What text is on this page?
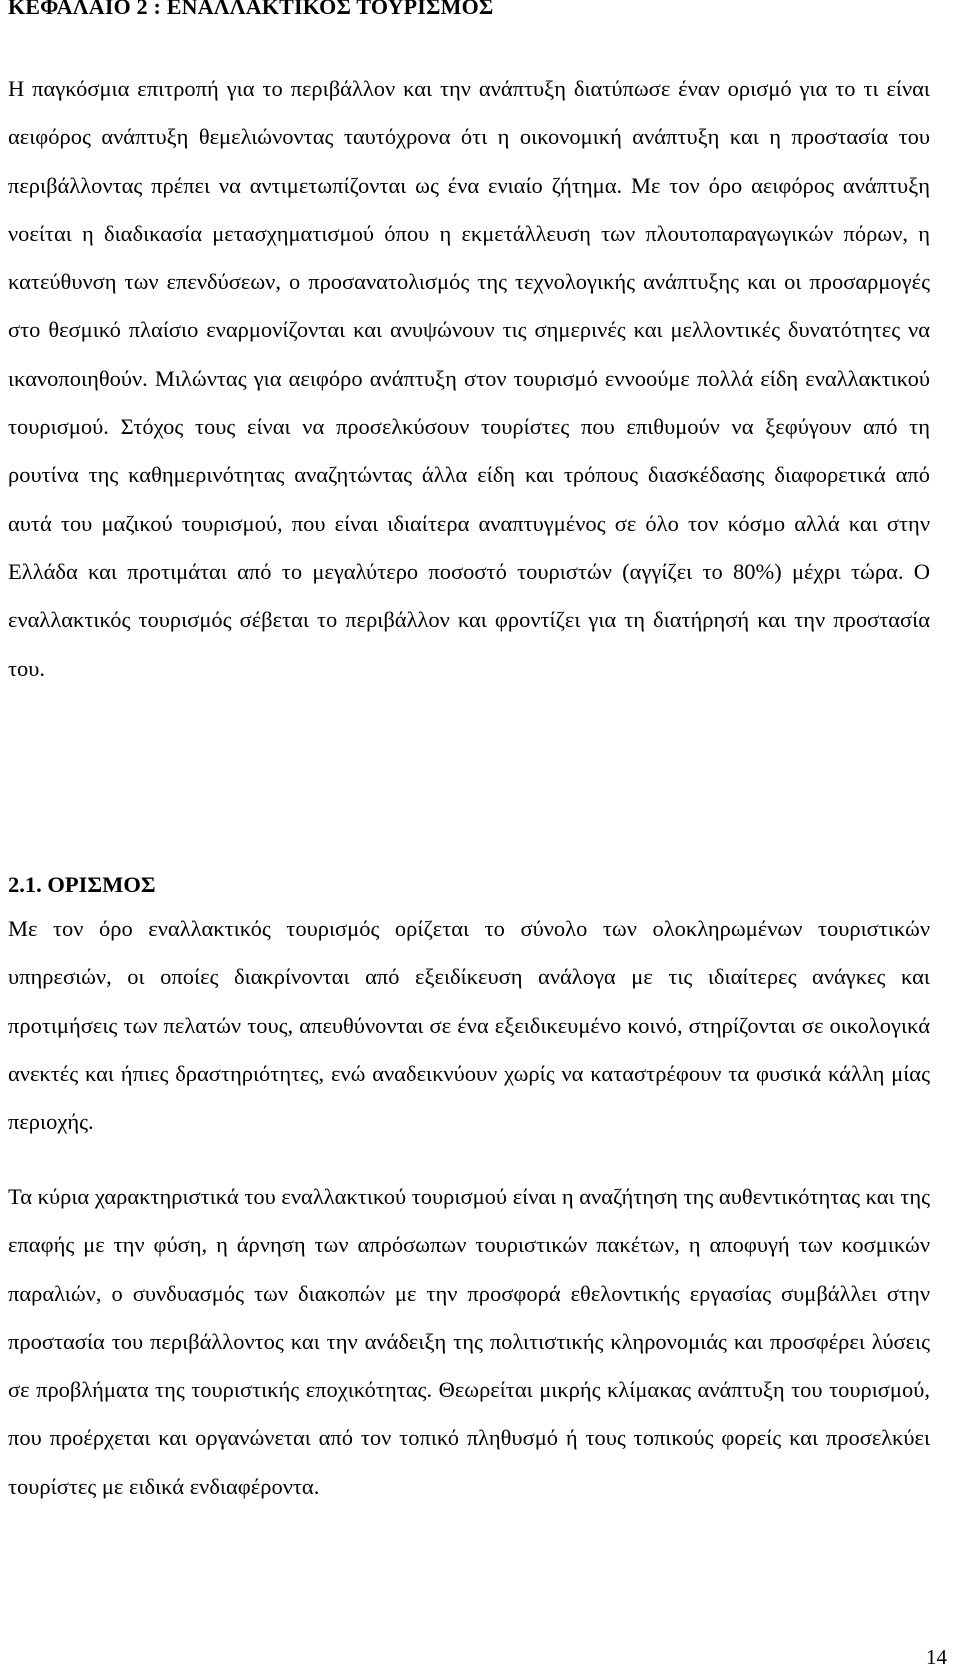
ΚΕΦΑΛΑΙΟ 2 : ΕΝΑΛΛΑΚΤΙΚΟΣ ΤΟΥΡΙΣΜΟΣ

Η παγκόσμια επιτροπή για το περιβάλλον και την ανάπτυξη διατύπωσε έναν ορισμό για το τι είναι αειφόρος ανάπτυξη θεμελιώνοντας ταυτόχρονα ότι η οικονομική ανάπτυξη και η προστασία του περιβάλλοντας πρέπει να αντιμετωπίζονται ως ένα ενιαίο ζήτημα. Με τον όρο αειφόρος ανάπτυξη νοείται η διαδικασία μετασχηματισμού όπου η εκμετάλλευση των πλουτοπαραγωγικών πόρων, η κατεύθυνση των επενδύσεων, ο προσανατολισμός της τεχνολογικής ανάπτυξης και οι προσαρμογές στο θεσμικό πλαίσιο εναρμονίζονται και ανυψώνουν τις σημερινές και μελλοντικές δυνατότητες να ικανοποιηθούν. Μιλώντας για αειφόρο ανάπτυξη στον τουρισμό εννοούμε πολλά είδη εναλλακτικού τουρισμού. Στόχος τους είναι να προσελκύσουν τουρίστες που επιθυμούν να ξεφύγουν από τη ρουτίνα της καθημερινότητας αναζητώντας άλλα είδη και τρόπους διασκέδασης διαφορετικά από αυτά του μαζικού τουρισμού, που είναι ιδιαίτερα αναπτυγμένος σε όλο τον κόσμο αλλά και στην Ελλάδα και προτιμάται από το μεγαλύτερο ποσοστό τουριστών (αγγίζει το 80%) μέχρι τώρα. Ο εναλλακτικός τουρισμός σέβεται το περιβάλλον και φροντίζει για τη διατήρησή και την προστασία του.

2.1. ΟΡΙΣΜΟΣ

Με τον όρο εναλλακτικός τουρισμός ορίζεται το σύνολο των ολοκληρωμένων τουριστικών υπηρεσιών, οι οποίες διακρίνονται από εξειδίκευση ανάλογα με τις ιδιαίτερες ανάγκες και προτιμήσεις των πελατών τους, απευθύνονται σε ένα εξειδικευμένο κοινό, στηρίζονται σε οικολογικά ανεκτές και ήπιες δραστηριότητες, ενώ αναδεικνύουν χωρίς να καταστρέφουν τα φυσικά κάλλη μίας περιοχής.

Τα κύρια χαρακτηριστικά του εναλλακτικού τουρισμού είναι η αναζήτηση της αυθεντικότητας και της επαφής με την φύση, η άρνηση των απρόσωπων τουριστικών πακέτων, η αποφυγή των κοσμικών παραλιών, ο συνδυασμός των διακοπών με την προσφορά εθελοντικής εργασίας συμβάλλει στην προστασία του περιβάλλοντος και την ανάδειξη της πολιτιστικής κληρονομιάς και προσφέρει λύσεις σε προβλήματα της τουριστικής εποχικότητας. Θεωρείται μικρής κλίμακας ανάπτυξη του τουρισμού, που προέρχεται και οργανώνεται από τον τοπικό πληθυσμό ή τους τοπικούς φορείς και προσελκύει τουρίστες με ειδικά ενδιαφέροντα.

14
